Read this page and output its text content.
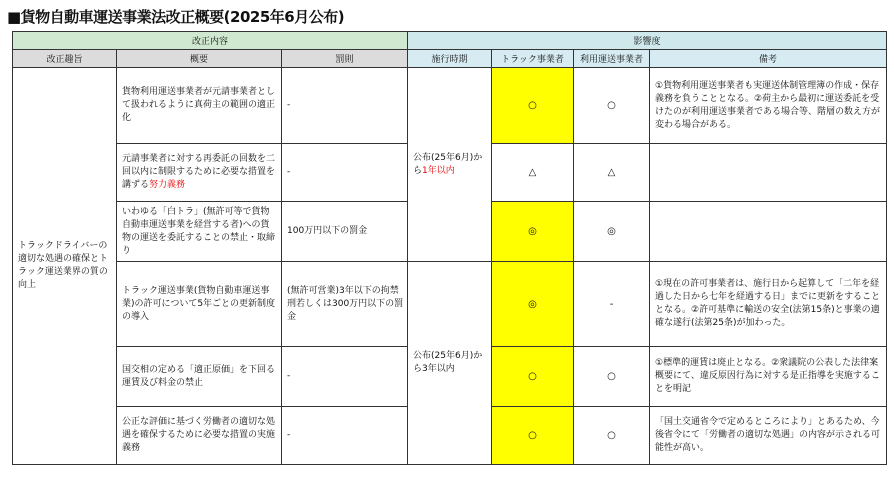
■貨物自動車運送事業法改正概要(2025年6月公布)
改正内容			影響度			
改正趣旨	概要	罰則	施行時期	トラック事業者	利用運送事業者	備考
トラックドライバーの適切な処遇の確保とトラック運送業界の質の向上	貨物利用運送事業者が元請事業者として扱われるように真荷主の範囲の適正化	-	公布(25年6月)から1年以内	○	○	①貨物利用運送事業者も実運送体制管理簿の作成・保存義務を負うこととなる。②荷主から最初に運送委託を受けたのが利用運送事業者である場合等、階層の数え方が変わる場合がある。
	元請事業者に対する再委託の回数を二回以内に制限するために必要な措置を講ずる努力義務	-		△	△	
	いわゆる「白トラ」(無許可等で貨物自動車運送事業を経営する者)への貨物の運送を委託することの禁止・取締り	100万円以下の罰金		◎	◎	
	トラック運送事業(貨物自動車運送事業)の許可について5年ごとの更新制度の導入	(無許可営業)3年以下の拘禁刑若しくは300万円以下の罰金	公布(25年6月)から3年以内	◎	-	①現在の許可事業者は、施行日から起算して「二年を経過した日から七年を経過する日」までに更新をすることとなる。②許可基準に輸送の安全(法第15条)と事業の適確な遂行(法第25条)が加わった。
	国交相の定める「適正原価」を下回る運賃及び料金の禁止	-		○	○	①標準的運賃は廃止となる。②衆議院の公表した法律案概要にて、違反原因行為に対する是正指導を実施することを明記
	公正な評価に基づく労働者の適切な処遇を確保するために必要な措置の実施義務	-		○	○	「国土交通省令で定めるところにより」とあるため、今後省令にて「労働者の適切な処遇」の内容が示される可能性が高い。
